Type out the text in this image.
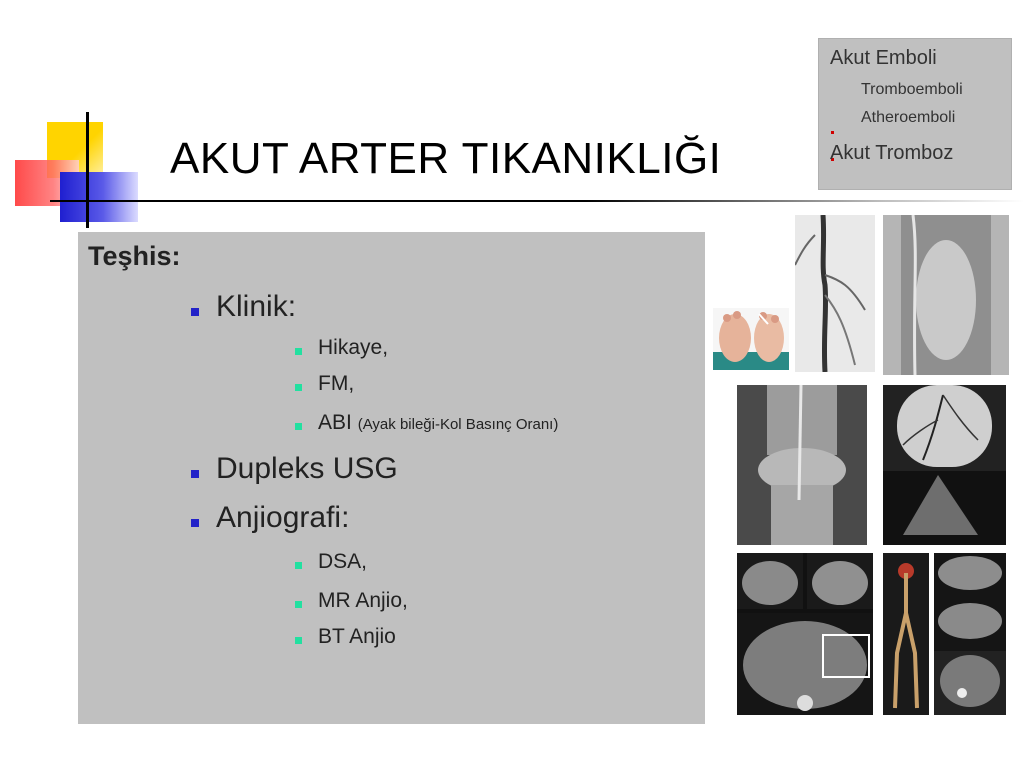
AKUT ARTER TIKANIKLIĞI
Akut Emboli
Tromboemboli
Atheroemboli
Akut Tromboz
Teşhis:
Klinik:
Hikaye,
FM,
ABI (Ayak bileği-Kol Basınç Oranı)
Dupleks USG
Anjiografi:
DSA,
MR Anjio,
BT Anjio
